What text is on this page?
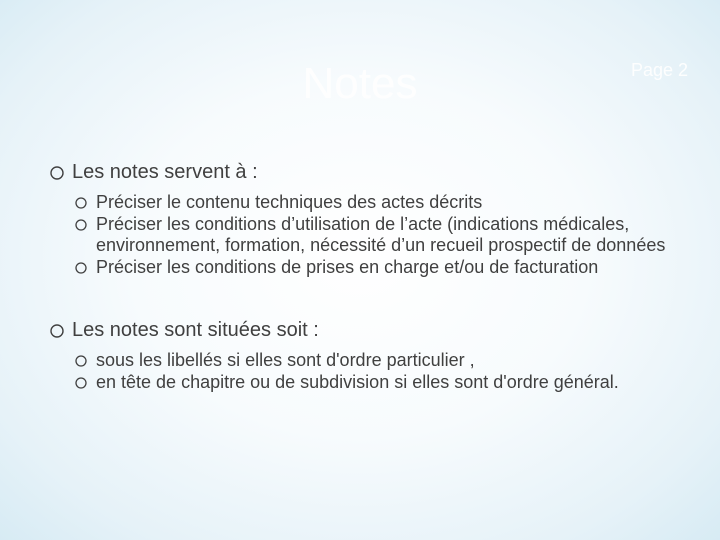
Notes	Page 2

Les notes servent à :

Préciser le contenu techniques des actes décrits
Préciser les conditions d’utilisation de l’acte (indications médicales, environnement, formation, nécessité d’un recueil prospectif de données
Préciser les conditions de prises en charge et/ou de facturation

Les notes sont situées soit :

sous les libellés si elles sont d'ordre particulier ,
en tête de chapitre ou de subdivision si elles sont d'ordre général.
